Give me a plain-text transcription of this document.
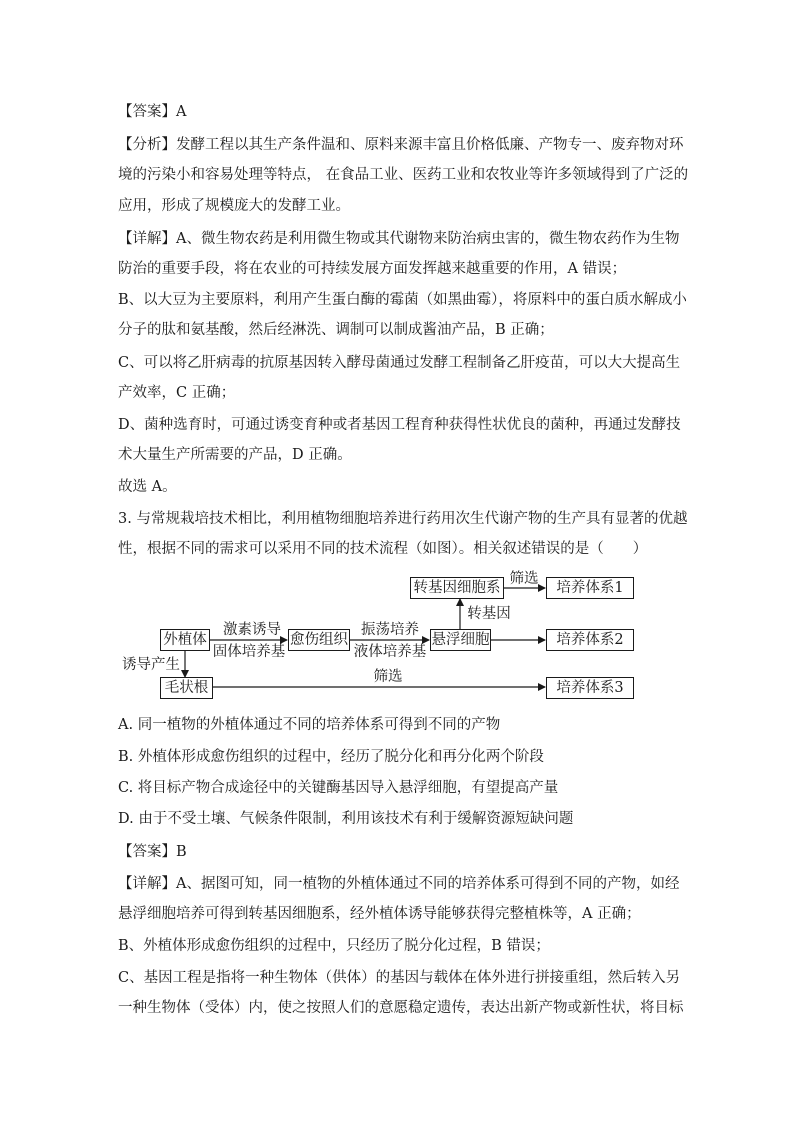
【答案】A
【分析】发酵工程以其生产条件温和、原料来源丰富且价格低廉、产物专一、废弃物对环
境的污染小和容易处理等特点， 在食品工业、医药工业和农牧业等许多领域得到了广泛的
应用，形成了规模庞大的发酵工业。
【详解】A、微生物农药是利用微生物或其代谢物来防治病虫害的，微生物农药作为生物
防治的重要手段，将在农业的可持续发展方面发挥越来越重要的作用，A 错误；
B、以大豆为主要原料，利用产生蛋白酶的霉菌（如黑曲霉），将原料中的蛋白质水解成小
分子的肽和氨基酸，然后经淋洗、调制可以制成酱油产品，B 正确；
C、可以将乙肝病毒的抗原基因转入酵母菌通过发酵工程制备乙肝疫苗，可以大大提高生
产效率，C 正确；
D、菌种选育时，可通过诱变育种或者基因工程育种获得性状优良的菌种，再通过发酵技
术大量生产所需要的产品，D 正确。
故选 A。
3. 与常规栽培技术相比，利用植物细胞培养进行药用次生代谢产物的生产具有显著的优越
性，根据不同的需求可以采用不同的技术流程（如图）。相关叙述错误的是（　　）
外植体	愈伤组织	悬浮细胞
转基因细胞系
毛状根
培养体系1
培养体系2
培养体系3
激素诱导
固体培养基
振荡培养
液体培养基
转基因
筛选
诱导产生
筛选
A. 同一植物的外植体通过不同的培养体系可得到不同的产物
B. 外植体形成愈伤组织的过程中，经历了脱分化和再分化两个阶段
C. 将目标产物合成途径中的关键酶基因导入悬浮细胞，有望提高产量
D. 由于不受土壤、气候条件限制，利用该技术有利于缓解资源短缺问题
【答案】B
【详解】A、据图可知，同一植物的外植体通过不同的培养体系可得到不同的产物，如经
悬浮细胞培养可得到转基因细胞系，经外植体诱导能够获得完整植株等，A 正确；
B、外植体形成愈伤组织的过程中，只经历了脱分化过程，B 错误；
C、基因工程是指将一种生物体（供体）的基因与载体在体外进行拼接重组，然后转入另
一种生物体（受体）内，使之按照人们的意愿稳定遗传，表达出新产物或新性状，将目标
